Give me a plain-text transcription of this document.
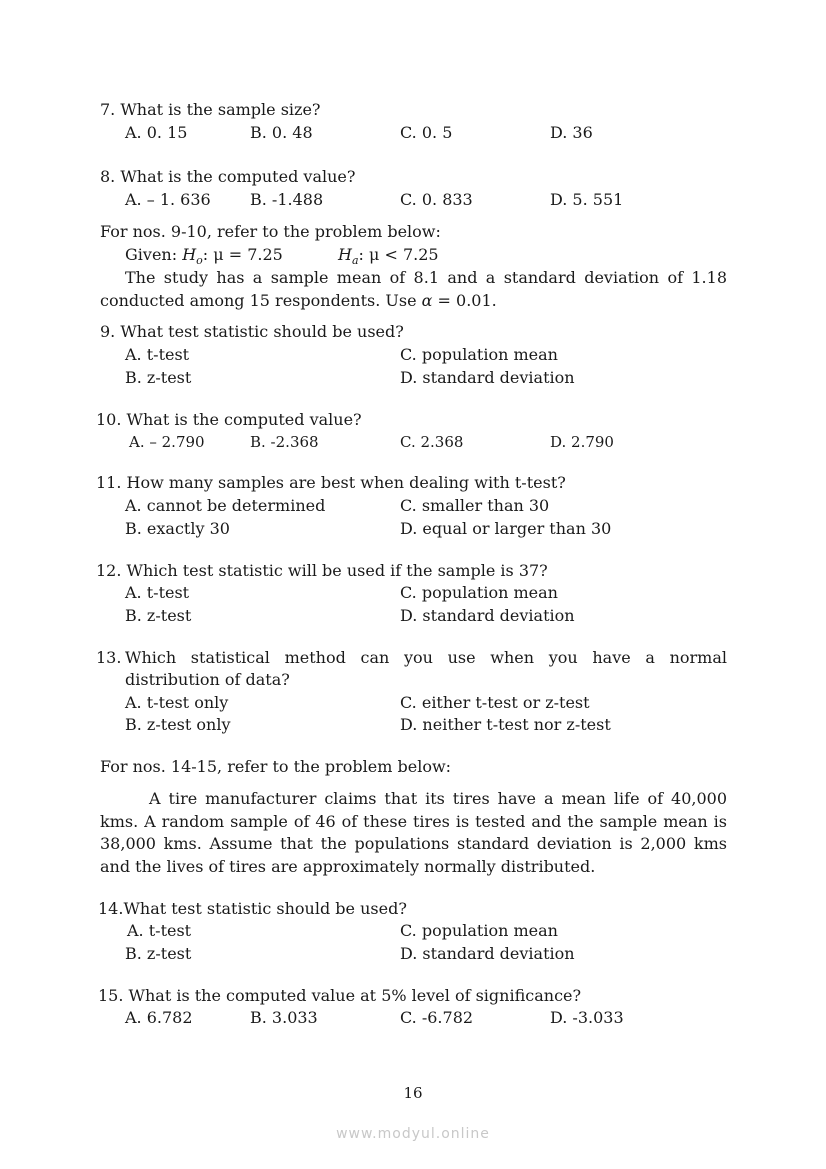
7. What is the sample size?
A. 0. 15	B. 0. 48	C. 0. 5	D. 36
8. What is the computed value?
A. – 1. 636 B. -1.488	C. 0. 833	D. 5. 551
For nos. 9-10, refer to the problem below:
Given: $H_o$: μ = 7.25	$H_a$: μ < 7.25
The study has a sample mean of 8.1 and a standard deviation of 1.18
conducted among 15 respondents. Use α = 0.01.
9. What test statistic should be used?
A. t-test	C. population mean
B. z-test	D. standard deviation
10. What is the computed value?
A. – 2.790	B. -2.368	C. 2.368	D. 2.790
11. How many samples are best when dealing with t-test?
A. cannot be determined	C. smaller than 30
B. exactly 30	D. equal or larger than 30
12. Which test statistic will be used if the sample is 37?
A. t-test	C. population mean
B. z-test	D. standard deviation
13. Which statistical method can you use when you have a normal
distribution of data?
A. t-test only	C. either t-test or z-test
B. z-test only	D. neither t-test nor z-test
For nos. 14-15, refer to the problem below:
A tire manufacturer claims that its tires have a mean life of 40,000
kms. A random sample of 46 of these tires is tested and the sample mean is
38,000 kms. Assume that the populations standard deviation is 2,000 kms
and the lives of tires are approximately normally distributed.
14.What test statistic should be used?
A. t-test	C. population mean
B. z-test	D. standard deviation
15. What is the computed value at 5% level of significance?
A. 6.782	B. 3.033	C. -6.782	D. -3.033
16
www.modyul.online
